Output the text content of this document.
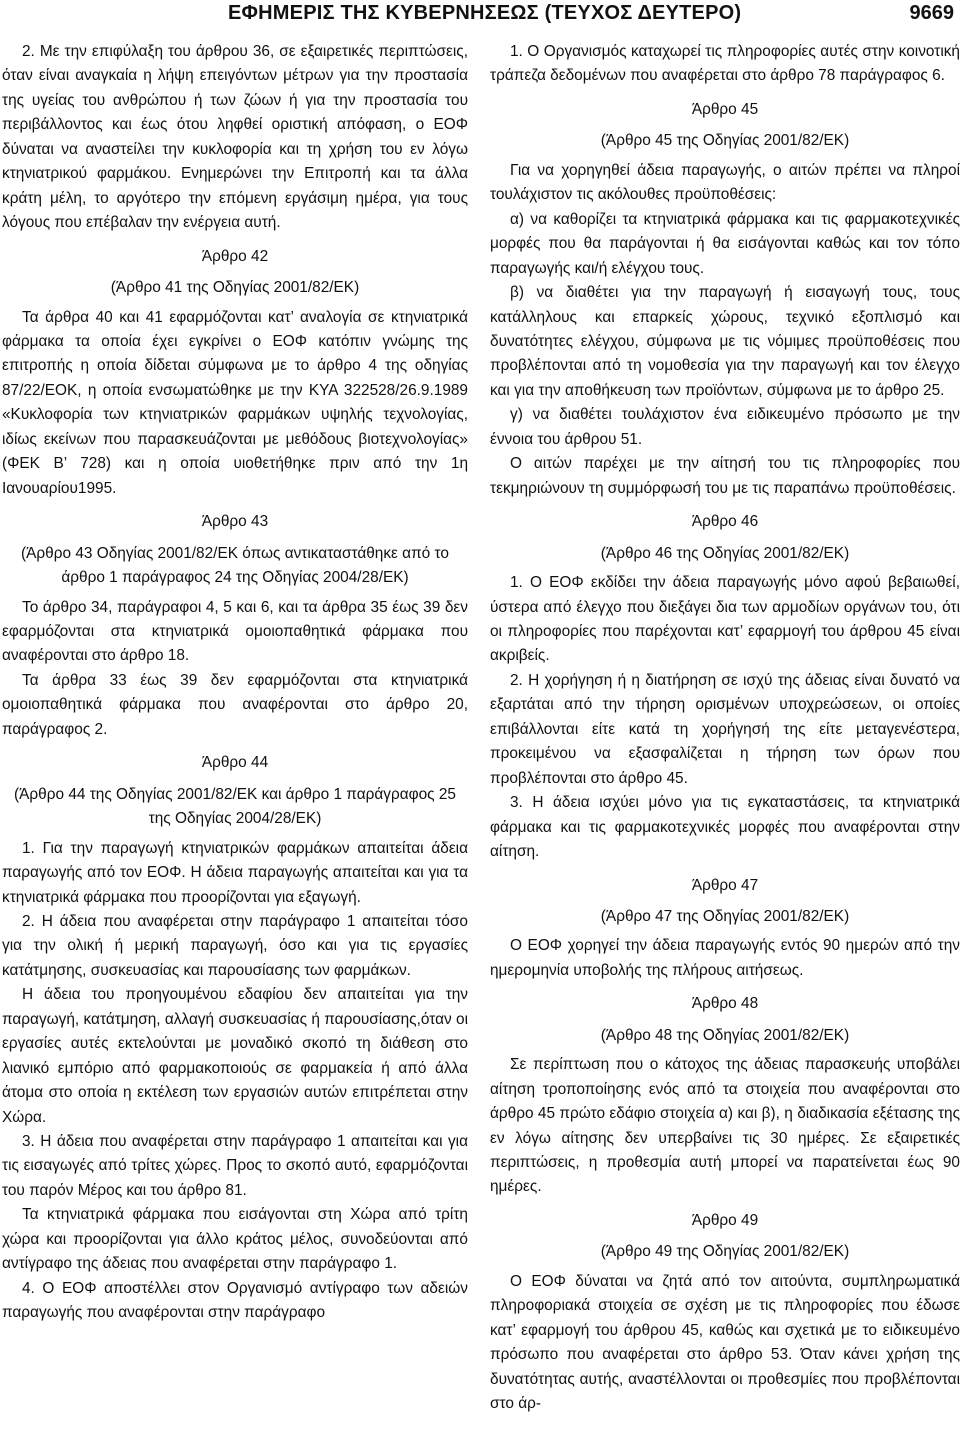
ΕΦΗΜΕΡΙΣ ΤΗΣ ΚΥΒΕΡΝΗΣΕΩΣ (ΤΕΥΧΟΣ ΔΕΥΤΕΡΟ)	9669

2. Με την επιφύλαξη του άρθρου 36, σε εξαιρετικές περιπτώσεις, όταν είναι αναγκαία η λήψη επειγόντων μέτρων για την προστασία της υγείας του ανθρώπου ή των ζώων ή για την προστασία του περιβάλλοντος και έως ότου ληφθεί οριστική απόφαση, ο ΕΟΦ δύναται να αναστείλει την κυκλοφορία και τη χρήση του εν λόγω κτηνιατρικού φαρμάκου. Ενημερώνει την Επιτροπή και τα άλλα κράτη μέλη, το αργότερο την επόμενη εργάσιμη ημέρα, για τους λόγους που επέβαλαν την ενέργεια αυτή.

Άρθρο 42

(Άρθρο 41 της Οδηγίας 2001/82/ΕΚ)

Τα άρθρα 40 και 41 εφαρμόζονται κατ’ αναλογία σε κτηνιατρικά φάρμακα τα οποία έχει εγκρίνει ο ΕΟΦ κατόπιν γνώμης της επιτροπής η οποία δίδεται σύμφωνα με το άρθρο 4 της οδηγίας 87/22/ΕΟΚ, η οποία ενσωματώθηκε με την ΚΥΑ 322528/26.9.1989 «Κυκλοφορία των κτηνιατρικών φαρμάκων υψηλής τεχνολογίας, ιδίως εκείνων που παρασκευάζονται με μεθόδους βιοτεχνολογίας» (ΦΕΚ Β’ 728) και η οποία υιοθετήθηκε πριν από την 1η Ιανουαρίου1995.

Άρθρο 43

(Άρθρο 43 Οδηγίας 2001/82/ΕΚ όπως αντικαταστάθηκε από το άρθρο 1 παράγραφος 24 της Οδηγίας 2004/28/ΕΚ)

Το άρθρο 34, παράγραφοι 4, 5 και 6, και τα άρθρα 35 έως 39 δεν εφαρμόζονται στα κτηνιατρικά ομοιοπαθητικά φάρμακα που αναφέρονται στο άρθρο 18.

Τα άρθρα 33 έως 39 δεν εφαρμόζονται στα κτηνιατρικά ομοιοπαθητικά φάρμακα που αναφέρονται στο άρθρο 20, παράγραφος 2.

Άρθρο 44

(Άρθρο 44 της Οδηγίας 2001/82/ΕΚ και άρθρο 1 παράγραφος 25 της Οδηγίας 2004/28/ΕΚ)

1. Για την παραγωγή κτηνιατρικών φαρμάκων απαιτείται άδεια παραγωγής από τον ΕΟΦ. Η άδεια παραγωγής απαιτείται και για τα κτηνιατρικά φάρμακα που προορίζονται για εξαγωγή.

2. Η άδεια που αναφέρεται στην παράγραφο 1 απαιτείται τόσο για την ολική ή μερική παραγωγή, όσο και για τις εργασίες κατάτμησης, συσκευασίας και παρουσίασης των φαρμάκων.

Η άδεια του προηγουμένου εδαφίου δεν απαιτείται για την παραγωγή, κατάτμηση, αλλαγή συσκευασίας ή παρουσίασης,όταν οι εργασίες αυτές εκτελούνται με μοναδικό σκοπό τη διάθεση στο λιανικό εμπόριο από φαρμακοποιούς σε φαρμακεία ή από άλλα άτομα στο οποία η εκτέλεση των εργασιών αυτών επιτρέπεται στην Χώρα.

3. Η άδεια που αναφέρεται στην παράγραφο 1 απαιτείται και για τις εισαγωγές από τρίτες χώρες. Προς το σκοπό αυτό, εφαρμόζονται του παρόν Μέρος και του άρθρο 81.

Τα κτηνιατρικά φάρμακα που εισάγονται στη Χώρα από τρίτη χώρα και προορίζονται για άλλο κράτος μέλος, συνοδεύονται από αντίγραφο της άδειας που αναφέρεται στην παράγραφο 1.

4. Ο ΕΟΦ αποστέλλει στον Οργανισμό αντίγραφο των αδειών παραγωγής που αναφέρονται στην παράγραφο

1. Ο Οργανισμός καταχωρεί τις πληροφορίες αυτές στην κοινοτική τράπεζα δεδομένων που αναφέρεται στο άρθρο 78 παράγραφος 6.

Άρθρο 45

(Άρθρο 45 της Οδηγίας 2001/82/ΕΚ)

Για να χορηγηθεί άδεια παραγωγής, ο αιτών πρέπει να πληροί τουλάχιστον τις ακόλουθες προϋποθέσεις:

α) να καθορίζει τα κτηνιατρικά φάρμακα και τις φαρμακοτεχνικές μορφές που θα παράγονται ή θα εισάγονται καθώς και τον τόπο παραγωγής και/ή ελέγχου τους.

β) να διαθέτει για την παραγωγή ή εισαγωγή τους, τους κατάλληλους και επαρκείς χώρους, τεχνικό εξοπλισμό και δυνατότητες ελέγχου, σύμφωνα με τις νόμιμες προϋποθέσεις που προβλέπονται από τη νομοθεσία για την παραγωγή και τον έλεγχο και για την αποθήκευση των προϊόντων, σύμφωνα με το άρθρο 25.

γ) να διαθέτει τουλάχιστον ένα ειδικευμένο πρόσωπο με την έννοια του άρθρου 51.

Ο αιτών παρέχει με την αίτησή του τις πληροφορίες που τεκμηριώνουν τη συμμόρφωσή του με τις παραπάνω προϋποθέσεις.

Άρθρο 46

(Άρθρο 46 της Οδηγίας 2001/82/ΕΚ)

1. Ο ΕΟΦ εκδίδει την άδεια παραγωγής μόνο αφού βεβαιωθεί, ύστερα από έλεγχο που διεξάγει δια των αρμοδίων οργάνων του, ότι οι πληροφορίες που παρέχονται κατ’ εφαρμογή του άρθρου 45 είναι ακριβείς.

2. Η χορήγηση ή η διατήρηση σε ισχύ της άδειας είναι δυνατό να εξαρτάται από την τήρηση ορισμένων υποχρεώσεων, οι οποίες επιβάλλονται είτε κατά τη χορήγησή της είτε μεταγενέστερα, προκειμένου να εξασφαλίζεται η τήρηση των όρων που προβλέπονται στο άρθρο 45.

3. Η άδεια ισχύει μόνο για τις εγκαταστάσεις, τα κτηνιατρικά φάρμακα και τις φαρμακοτεχνικές μορφές που αναφέρονται στην αίτηση.

Άρθρο 47

(Άρθρο 47 της Οδηγίας 2001/82/ΕΚ)

Ο ΕΟΦ χορηγεί την άδεια παραγωγής εντός 90 ημερών από την ημερομηνία υποβολής της πλήρους αιτήσεως.

Άρθρο 48

(Άρθρο 48 της Οδηγίας 2001/82/ΕΚ)

Σε περίπτωση που ο κάτοχος της άδειας παρασκευής υποβάλει αίτηση τροποποίησης ενός από τα στοιχεία που αναφέρονται στο άρθρο 45 πρώτο εδάφιο στοιχεία α) και β), η διαδικασία εξέτασης της εν λόγω αίτησης δεν υπερβαίνει τις 30 ημέρες. Σε εξαιρετικές περιπτώσεις, η προθεσμία αυτή μπορεί να παρατείνεται έως 90 ημέρες.

Άρθρο 49

(Άρθρο 49 της Οδηγίας 2001/82/ΕΚ)

Ο ΕΟΦ δύναται να ζητά από τον αιτούντα, συμπληρωματικά πληροφοριακά στοιχεία σε σχέση με τις πληροφορίες που έδωσε κατ’ εφαρμογή του άρθρου 45, καθώς και σχετικά με το ειδικευμένο πρόσωπο που αναφέρεται στο άρθρο 53. Όταν κάνει χρήση της δυνατότητας αυτής, αναστέλλονται οι προθεσμίες που προβλέπονται στο άρ-
